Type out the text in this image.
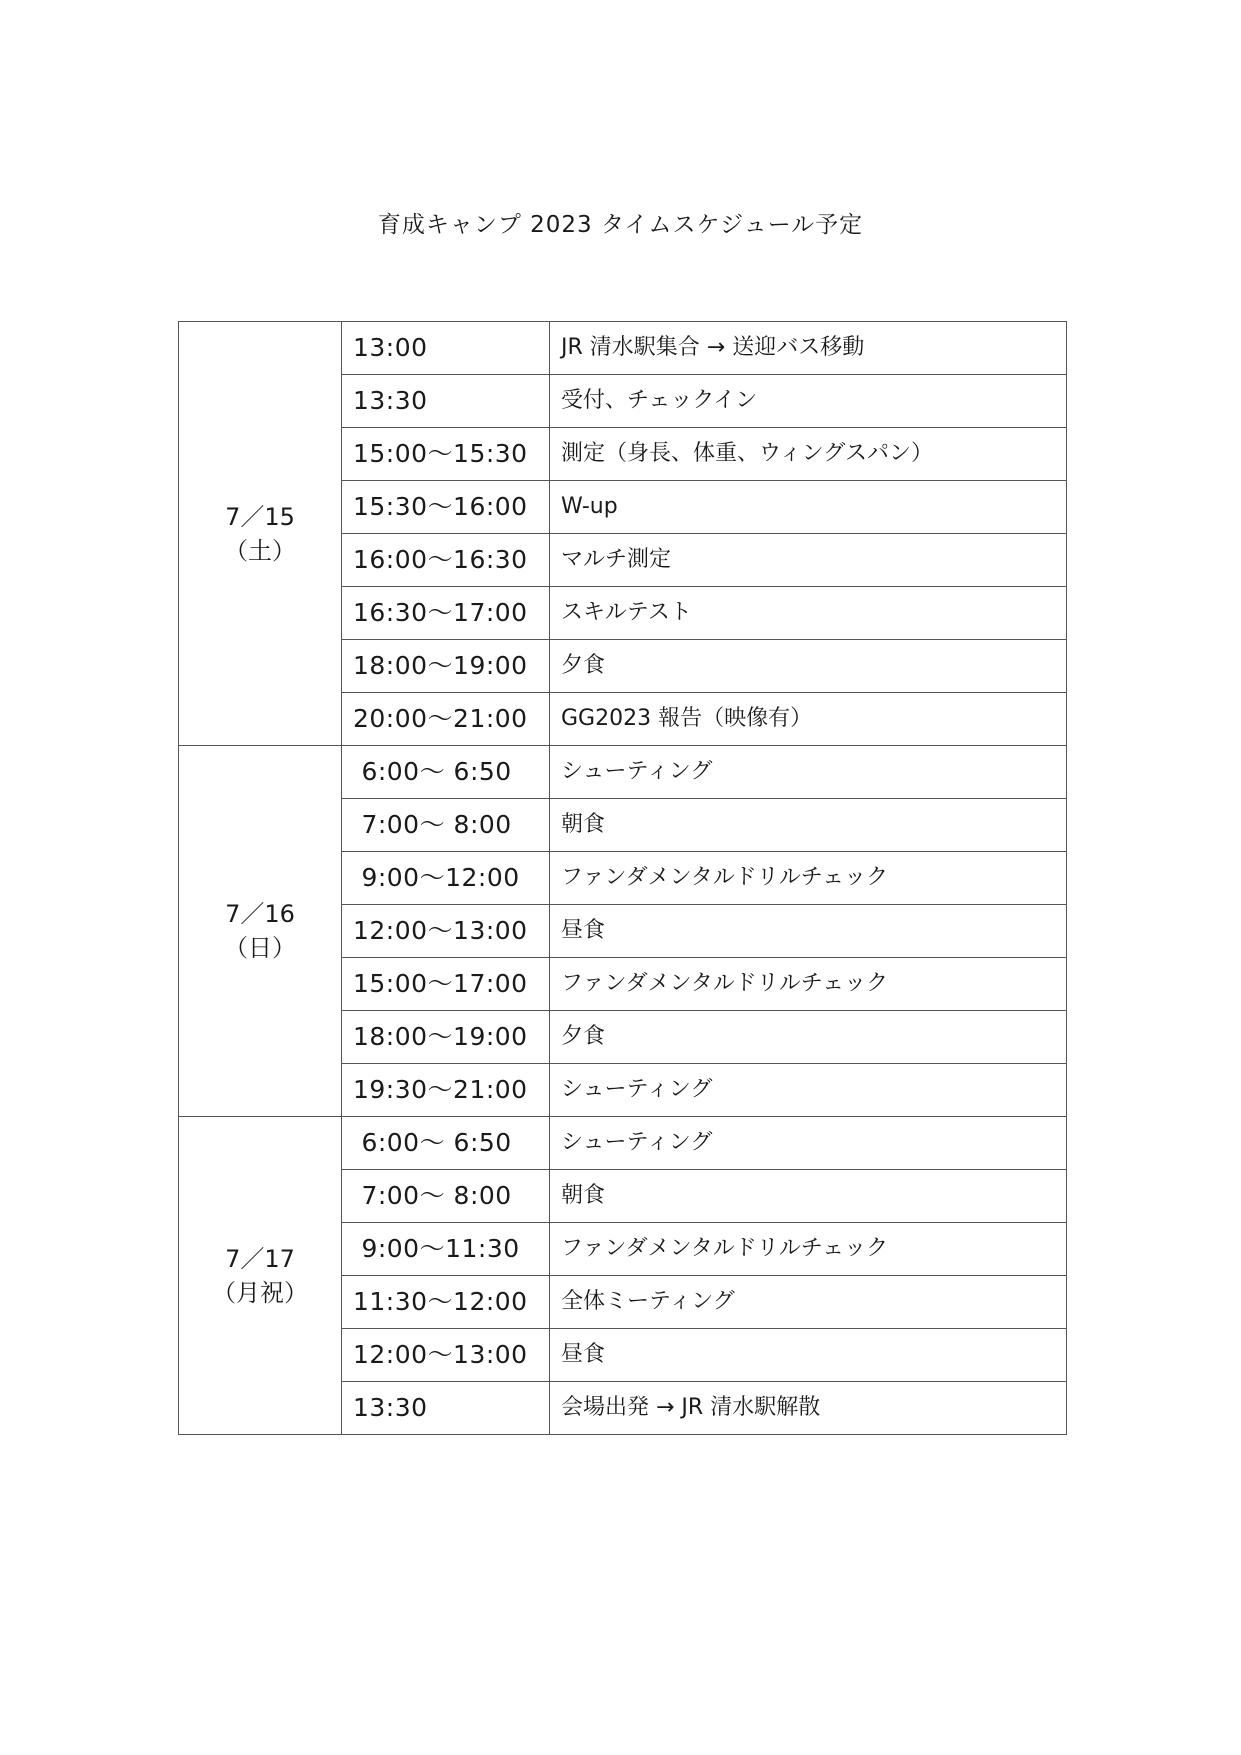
育成キャンプ 2023 タイムスケジュール予定
7／15
（土）	13:00	JR 清水駅集合 → 送迎バス移動
	13:30	受付、チェックイン
	15:00～15:30	測定（身長、体重、ウィングスパン）
	15:30～16:00	W-up
	16:00～16:30	マルチ測定
	16:30～17:00	スキルテスト
	18:00～19:00	夕食
	20:00～21:00	GG2023 報告（映像有）

7／16
（日）	6:00～ 6:50	シューティング
	7:00～ 8:00	朝食
	9:00～12:00	ファンダメンタルドリルチェック
	12:00～13:00	昼食
	15:00～17:00	ファンダメンタルドリルチェック
	18:00～19:00	夕食
	19:30～21:00	シューティング

7／17
（月祝）	6:00～ 6:50	シューティング
	7:00～ 8:00	朝食
	9:00～11:30	ファンダメンタルドリルチェック
	11:30～12:00	全体ミーティング
	12:00～13:00	昼食
	13:30	会場出発 → JR 清水駅解散
